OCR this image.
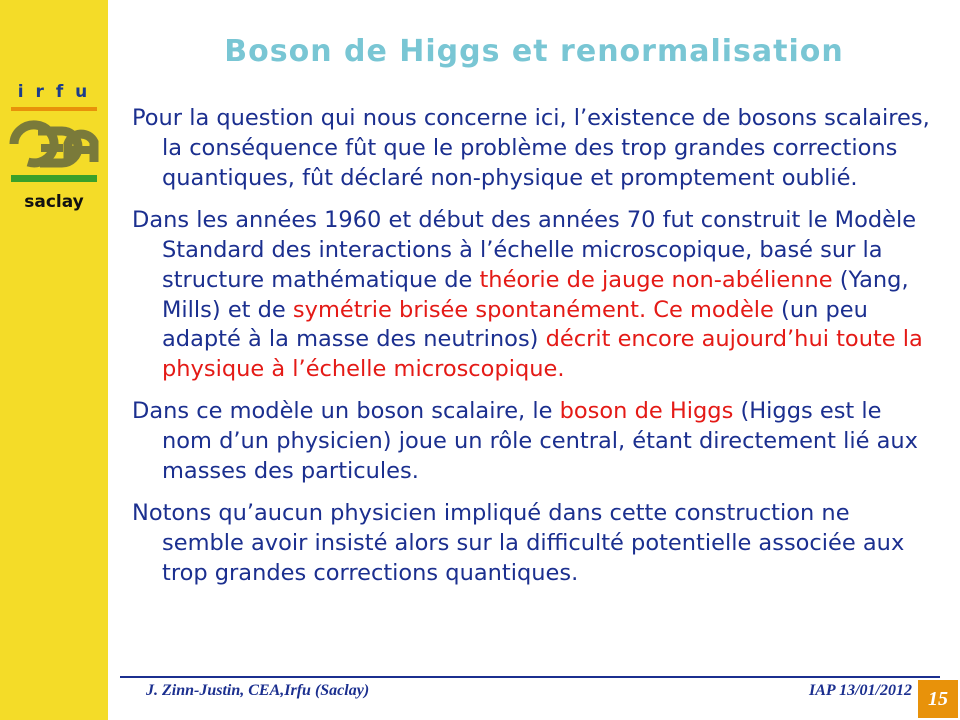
i r f u
saclay
Boson de Higgs et renormalisation
Pour la question qui nous concerne ici, l’existence de bosons scalaires, la conséquence fût que le problème des trop grandes corrections quantiques, fût déclaré non-physique et promptement oublié.
Dans les années 1960 et début des années 70 fut construit le Modèle Standard des interactions à l’échelle microscopique, basé sur la structure mathématique de théorie de jauge non-abélienne (Yang, Mills) et de symétrie brisée spontanément. Ce modèle (un peu adapté à la masse des neutrinos) décrit encore aujourd’hui toute la physique à l’échelle microscopique.
Dans ce modèle un boson scalaire, le boson de Higgs (Higgs est le nom d’un physicien) joue un rôle central, étant directement lié aux masses des particules.
Notons qu’aucun physicien impliqué dans cette construction ne semble avoir insisté alors sur la difficulté potentielle associée aux trop grandes corrections quantiques.
J. Zinn-Justin, CEA,Irfu (Saclay)	IAP 13/01/2012 15
